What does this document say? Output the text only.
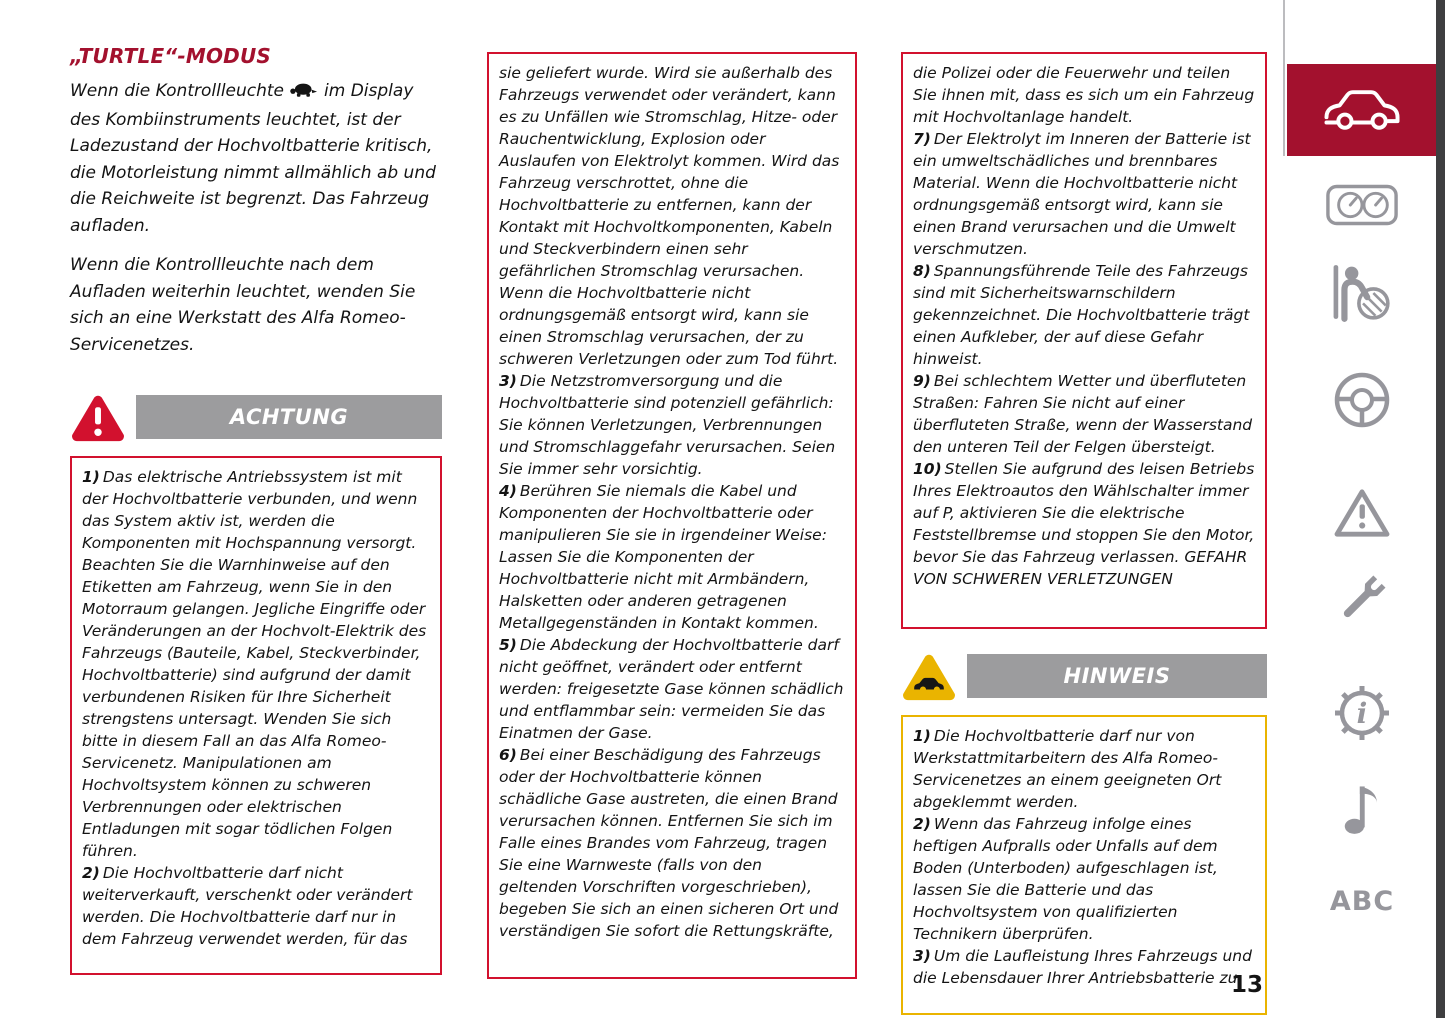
„TURTLE“-MODUS

Wenn die Kontrollleuchte im Display des Kombiinstruments leuchtet, ist der Ladezustand der Hochvoltbatterie kritisch, die Motorleistung nimmt allmählich ab und die Reichweite ist begrenzt. Das Fahrzeug aufladen.

Wenn die Kontrollleuchte nach dem Aufladen weiterhin leuchtet, wenden Sie sich an eine Werkstatt des Alfa Romeo-Servicenetzes.

ACHTUNG

1) Das elektrische Antriebssystem ist mit der Hochvoltbatterie verbunden, und wenn das System aktiv ist, werden die Komponenten mit Hochspannung versorgt. Beachten Sie die Warnhinweise auf den Etiketten am Fahrzeug, wenn Sie in den Motorraum gelangen. Jegliche Eingriffe oder Veränderungen an der Hochvolt-Elektrik des Fahrzeugs (Bauteile, Kabel, Steckverbinder, Hochvoltbatterie) sind aufgrund der damit verbundenen Risiken für Ihre Sicherheit strengstens untersagt. Wenden Sie sich bitte in diesem Fall an das Alfa Romeo-Servicenetz. Manipulationen am Hochvoltsystem können zu schweren Verbrennungen oder elektrischen Entladungen mit sogar tödlichen Folgen führen.

2) Die Hochvoltbatterie darf nicht weiterverkauft, verschenkt oder verändert werden. Die Hochvoltbatterie darf nur in dem Fahrzeug verwendet werden, für das

sie geliefert wurde. Wird sie außerhalb des Fahrzeugs verwendet oder verändert, kann es zu Unfällen wie Stromschlag, Hitze- oder Rauchentwicklung, Explosion oder Auslaufen von Elektrolyt kommen. Wird das Fahrzeug verschrottet, ohne die Hochvoltbatterie zu entfernen, kann der Kontakt mit Hochvoltkomponenten, Kabeln und Steckverbindern einen sehr gefährlichen Stromschlag verursachen. Wenn die Hochvoltbatterie nicht ordnungsgemäß entsorgt wird, kann sie einen Stromschlag verursachen, der zu schweren Verletzungen oder zum Tod führt.

3) Die Netzstromversorgung und die Hochvoltbatterie sind potenziell gefährlich: Sie können Verletzungen, Verbrennungen und Stromschlaggefahr verursachen. Seien Sie immer sehr vorsichtig.

4) Berühren Sie niemals die Kabel und Komponenten der Hochvoltbatterie oder manipulieren Sie sie in irgendeiner Weise: Lassen Sie die Komponenten der Hochvoltbatterie nicht mit Armbändern, Halsketten oder anderen getragenen Metallgegenständen in Kontakt kommen.

5) Die Abdeckung der Hochvoltbatterie darf nicht geöffnet, verändert oder entfernt werden: freigesetzte Gase können schädlich und entflammbar sein: vermeiden Sie das Einatmen der Gase.

6) Bei einer Beschädigung des Fahrzeugs oder der Hochvoltbatterie können schädliche Gase austreten, die einen Brand verursachen können. Entfernen Sie sich im Falle eines Brandes vom Fahrzeug, tragen Sie eine Warnweste (falls von den geltenden Vorschriften vorgeschrieben), begeben Sie sich an einen sicheren Ort und verständigen Sie sofort die Rettungskräfte,

die Polizei oder die Feuerwehr und teilen Sie ihnen mit, dass es sich um ein Fahrzeug mit Hochvoltanlage handelt.

7) Der Elektrolyt im Inneren der Batterie ist ein umweltschädliches und brennbares Material. Wenn die Hochvoltbatterie nicht ordnungsgemäß entsorgt wird, kann sie einen Brand verursachen und die Umwelt verschmutzen.

8) Spannungsführende Teile des Fahrzeugs sind mit Sicherheitswarnschildern gekennzeichnet. Die Hochvoltbatterie trägt einen Aufkleber, der auf diese Gefahr hinweist.

9) Bei schlechtem Wetter und überfluteten Straßen: Fahren Sie nicht auf einer überfluteten Straße, wenn der Wasserstand den unteren Teil der Felgen übersteigt.

10) Stellen Sie aufgrund des leisen Betriebs Ihres Elektroautos den Wählschalter immer auf P, aktivieren Sie die elektrische Feststellbremse und stoppen Sie den Motor, bevor Sie das Fahrzeug verlassen. GEFAHR VON SCHWEREN VERLETZUNGEN

HINWEIS

1) Die Hochvoltbatterie darf nur von Werkstattmitarbeitern des Alfa Romeo-Servicenetzes an einem geeigneten Ort abgeklemmt werden.

2) Wenn das Fahrzeug infolge eines heftigen Aufpralls oder Unfalls auf dem Boden (Unterboden) aufgeschlagen ist, lassen Sie die Batterie und das Hochvoltsystem von qualifizierten Technikern überprüfen.

3) Um die Laufleistung Ihres Fahrzeugs und die Lebensdauer Ihrer Antriebsbatterie zu

13
i
ABC
